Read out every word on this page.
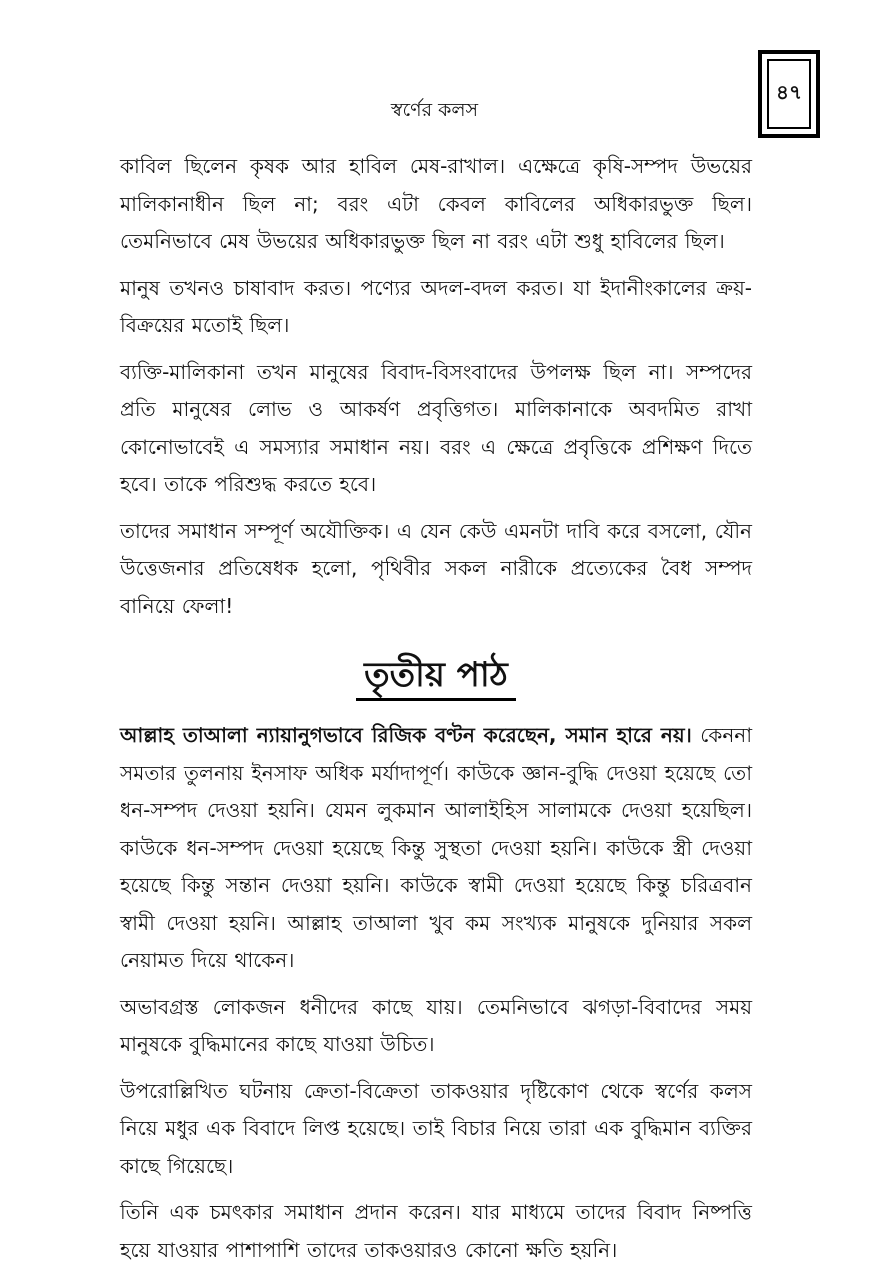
৪৭
স্বর্ণের কলস

কাবিল ছিলেন কৃষক আর হাবিল মেষ-রাখাল। এক্ষেত্রে কৃষি-সম্পদ উভয়ের মালিকানাধীন ছিল না; বরং এটা কেবল কাবিলের অধিকারভুক্ত ছিল। তেমনিভাবে মেষ উভয়ের অধিকারভুক্ত ছিল না বরং এটা শুধু হাবিলের ছিল।

মানুষ তখনও চাষাবাদ করত। পণ্যের অদল-বদল করত। যা ইদানীংকালের ক্রয়-বিক্রয়ের মতোই ছিল।

ব্যক্তি-মালিকানা তখন মানুষের বিবাদ-বিসংবাদের উপলক্ষ ছিল না। সম্পদের প্রতি মানুষের লোভ ও আকর্ষণ প্রবৃত্তিগত। মালিকানাকে অবদমিত রাখা কোনোভাবেই এ সমস্যার সমাধান নয়। বরং এ ক্ষেত্রে প্রবৃত্তিকে প্রশিক্ষণ দিতে হবে। তাকে পরিশুদ্ধ করতে হবে।

তাদের সমাধান সম্পূর্ণ অযৌক্তিক। এ যেন কেউ এমনটা দাবি করে বসলো, যৌন উত্তেজনার প্রতিষেধক হলো, পৃথিবীর সকল নারীকে প্রত্যেকের বৈধ সম্পদ বানিয়ে ফেলা!

তৃতীয় পাঠ

আল্লাহ তাআলা ন্যায়ানুগভাবে রিজিক বণ্টন করেছেন, সমান হারে নয়। কেননা সমতার তুলনায় ইনসাফ অধিক মর্যাদাপূর্ণ। কাউকে জ্ঞান-বুদ্ধি দেওয়া হয়েছে তো ধন-সম্পদ দেওয়া হয়নি। যেমন লুকমান আলাইহিস সালামকে দেওয়া হয়েছিল। কাউকে ধন-সম্পদ দেওয়া হয়েছে কিন্তু সুস্থতা দেওয়া হয়নি। কাউকে স্ত্রী দেওয়া হয়েছে কিন্তু সন্তান দেওয়া হয়নি। কাউকে স্বামী দেওয়া হয়েছে কিন্তু চরিত্রবান স্বামী দেওয়া হয়নি। আল্লাহ তাআলা খুব কম সংখ্যক মানুষকে দুনিয়ার সকল নেয়ামত দিয়ে থাকেন।

অভাবগ্রস্ত লোকজন ধনীদের কাছে যায়। তেমনিভাবে ঝগড়া-বিবাদের সময় মানুষকে বুদ্ধিমানের কাছে যাওয়া উচিত।

উপরোল্লিখিত ঘটনায় ক্রেতা-বিক্রেতা তাকওয়ার দৃষ্টিকোণ থেকে স্বর্ণের কলস নিয়ে মধুর এক বিবাদে লিপ্ত হয়েছে। তাই বিচার নিয়ে তারা এক বুদ্ধিমান ব্যক্তির কাছে গিয়েছে।

তিনি এক চমৎকার সমাধান প্রদান করেন। যার মাধ্যমে তাদের বিবাদ নিষ্পত্তি হয়ে যাওয়ার পাশাপাশি তাদের তাকওয়ারও কোনো ক্ষতি হয়নি।
